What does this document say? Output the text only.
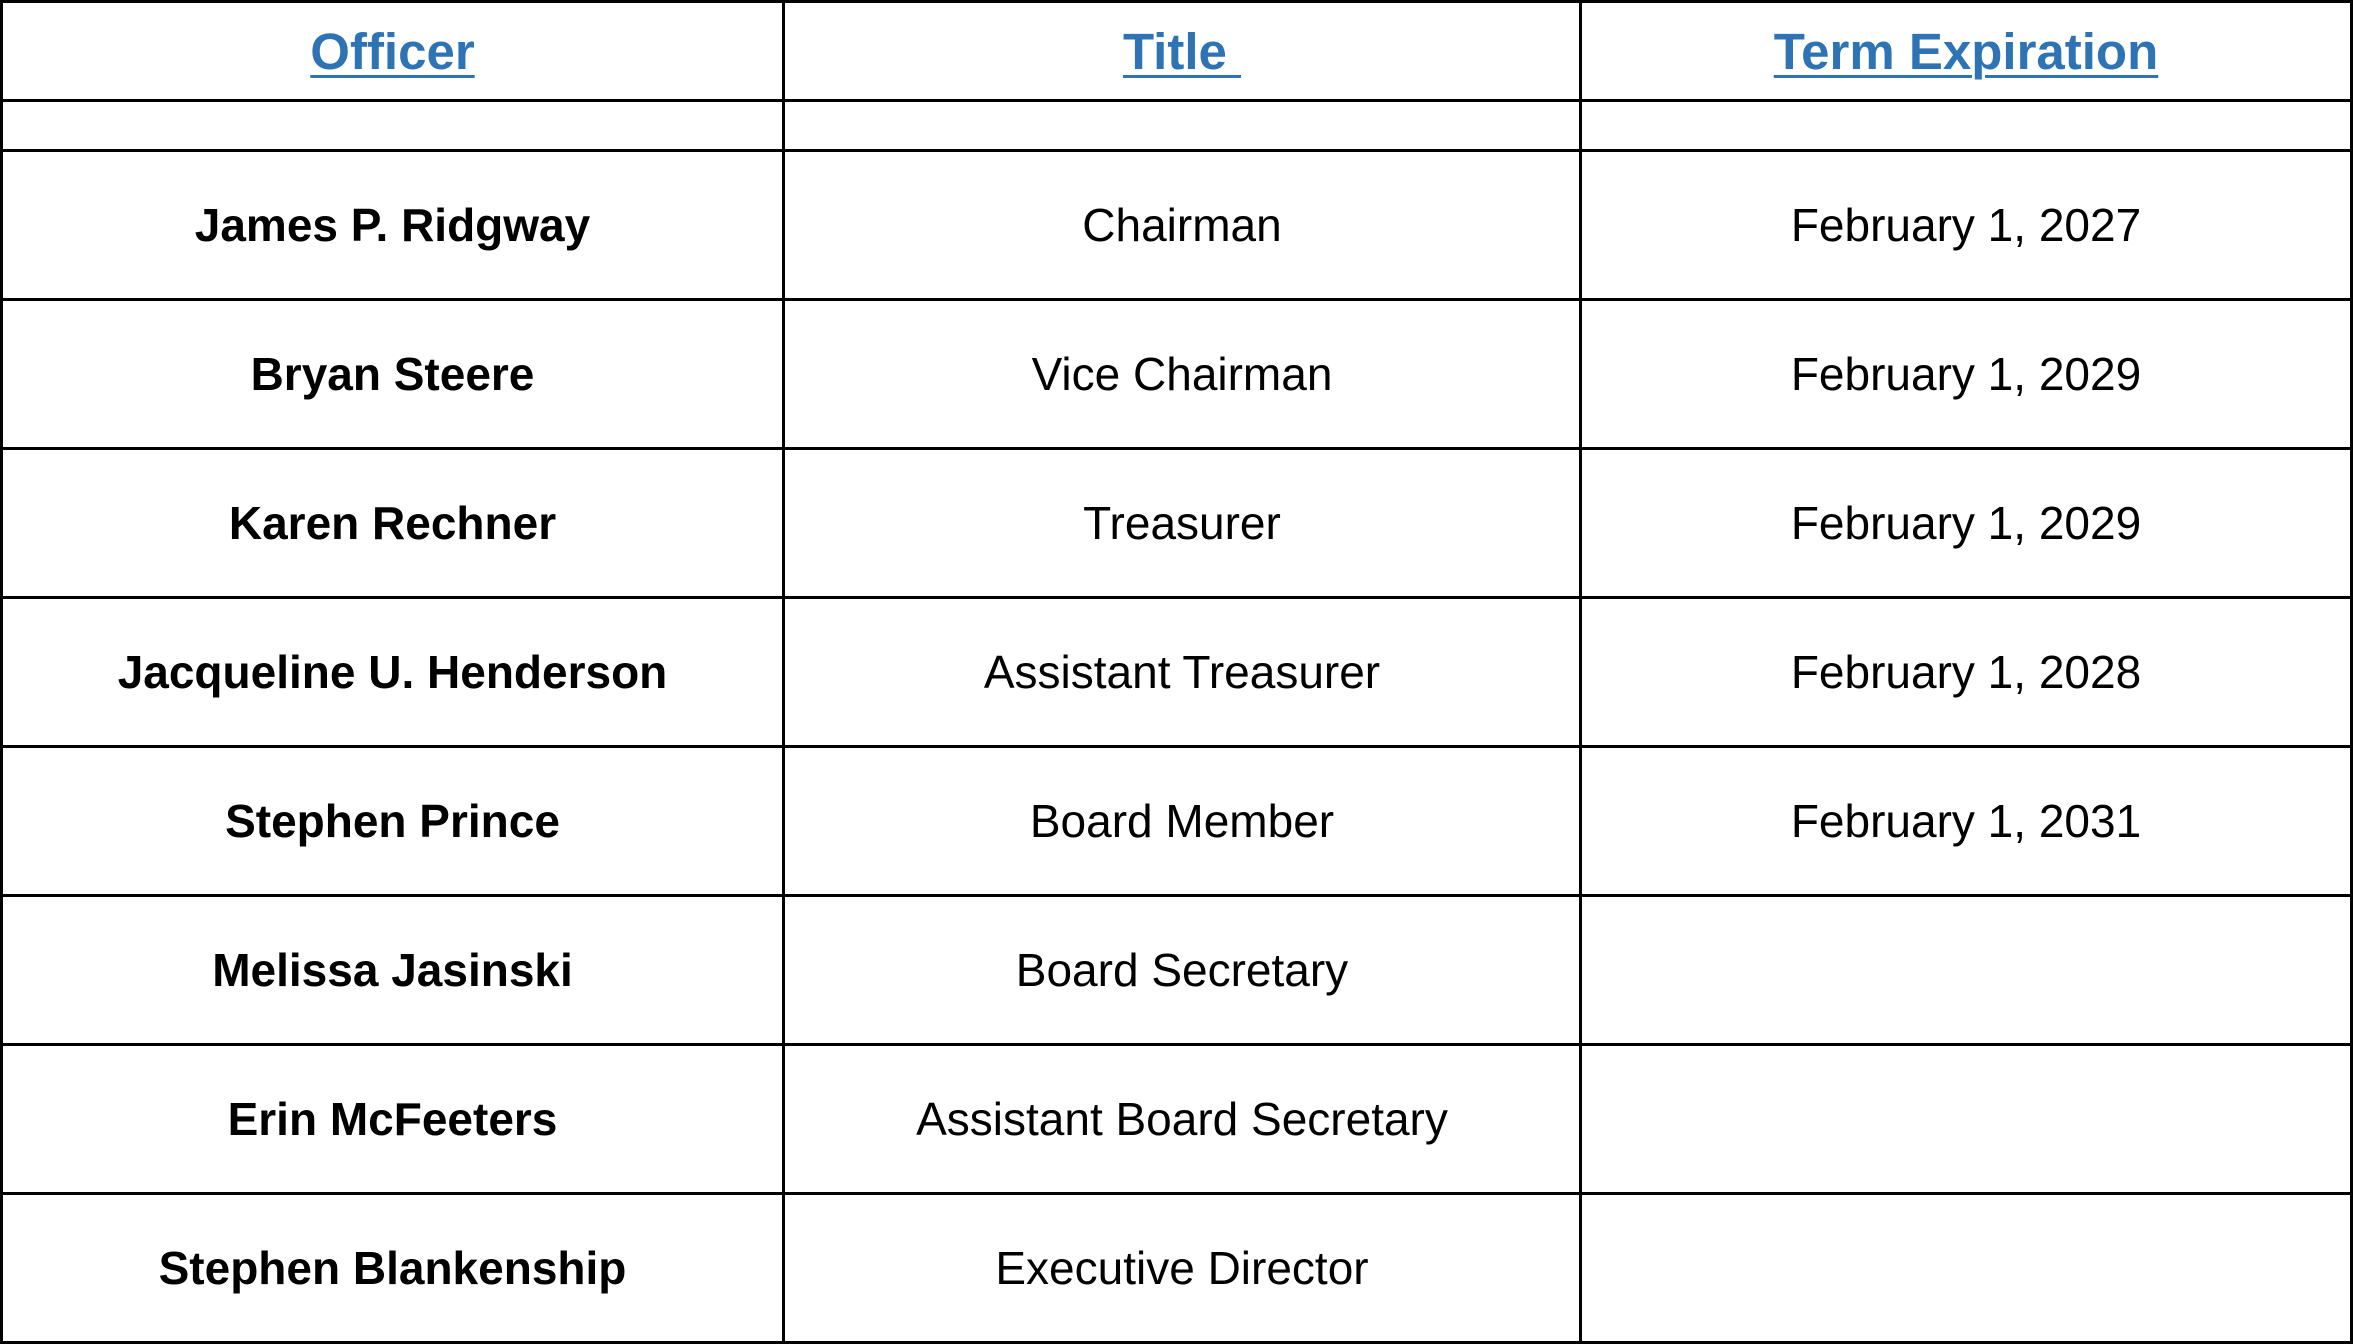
Officer	Title	Term Expiration

James P. Ridgway	Chairman	February 1, 2027
Bryan Steere	Vice Chairman	February 1, 2029
Karen Rechner	Treasurer	February 1, 2029
Jacqueline U. Henderson	Assistant Treasurer	February 1, 2028
Stephen Prince	Board Member	February 1, 2031
Melissa Jasinski	Board Secretary	
Erin McFeeters	Assistant Board Secretary	
Stephen Blankenship	Executive Director	
